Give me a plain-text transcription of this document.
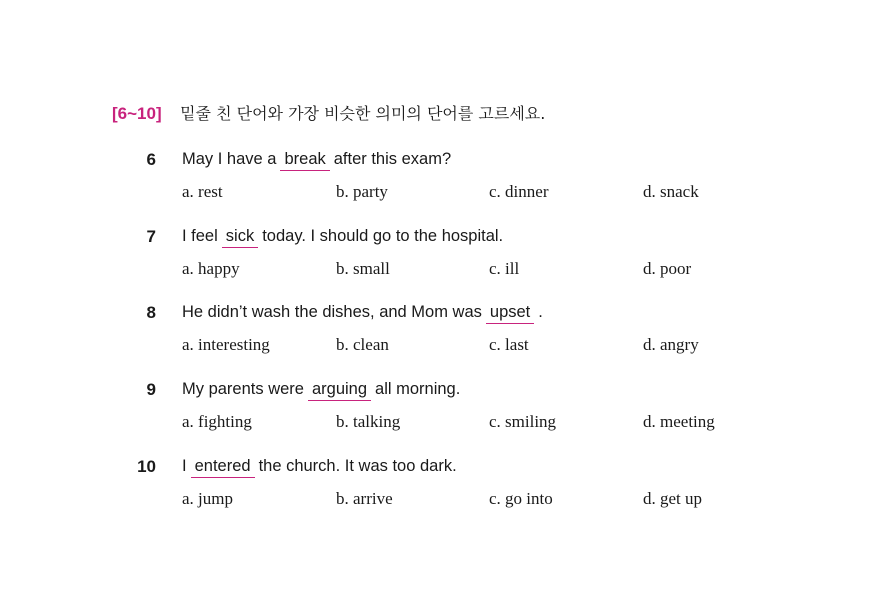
[6~10] 밑줄 친 단어와 가장 비슷한 의미의 단어를 고르세요.
6 May I have a break after this exam?
a. rest	b. party	c. dinner	d. snack
7 I feel sick today. I should go to the hospital.
a. happy	b. small	c. ill	d. poor
8 He didn’t wash the dishes, and Mom was upset .
a. interesting	b. clean	c. last	d. angry
9 My parents were arguing all morning.
a. fighting	b. talking	c. smiling	d. meeting
10 I entered the church. It was too dark.
a. jump	b. arrive	c. go into	d. get up
